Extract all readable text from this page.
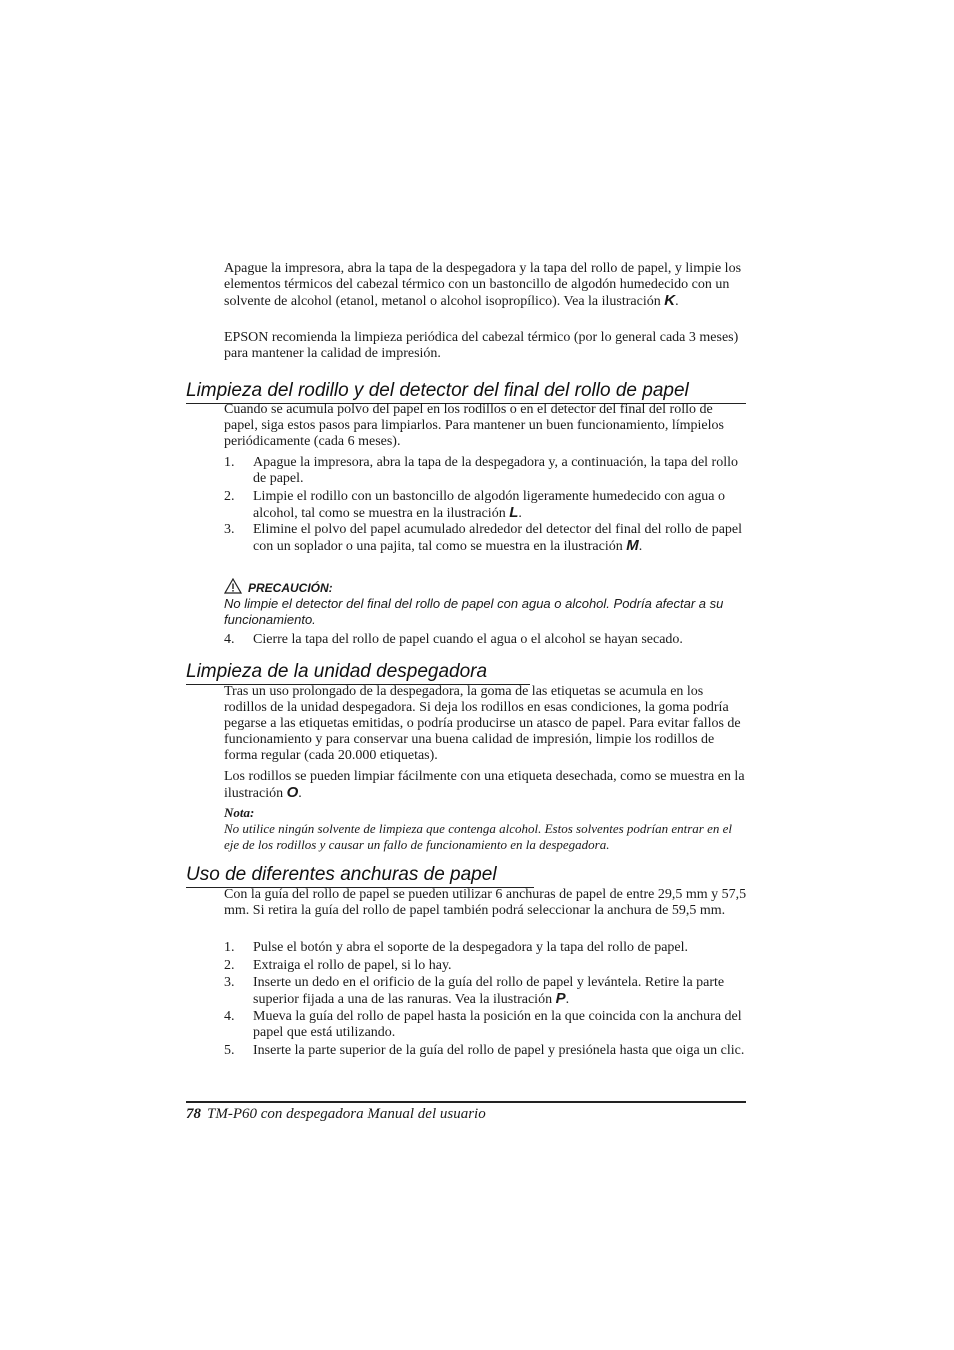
Apague la impresora, abra la tapa de la despegadora y la tapa del rollo de papel, y limpie los elementos térmicos del cabezal térmico con un bastoncillo de algodón humedecido con un solvente de alcohol (etanol, metanol o alcohol isopropílico). Vea la ilustración K.

EPSON recomienda la limpieza periódica del cabezal térmico (por lo general cada 3 meses) para mantener la calidad de impresión.

Limpieza del rodillo y del detector del final del rollo de papel

Cuando se acumula polvo del papel en los rodillos o en el detector del final del rollo de papel, siga estos pasos para limpiarlos. Para mantener un buen funcionamiento, límpielos periódicamente (cada 6 meses).

1.	Apague la impresora, abra la tapa de la despegadora y, a continuación, la tapa del rollo de papel.
2.	Limpie el rodillo con un bastoncillo de algodón ligeramente humedecido con agua o alcohol, tal como se muestra en la ilustración L.
3.	Elimine el polvo del papel acumulado alrededor del detector del final del rollo de papel con un soplador o una pajita, tal como se muestra en la ilustración M.
PRECAUCIÓN:
No limpie el detector del final del rollo de papel con agua o alcohol. Podría afectar a su funcionamiento.
4.	Cierre la tapa del rollo de papel cuando el agua o el alcohol se hayan secado.
Limpieza de la unidad despegadora

Tras un uso prolongado de la despegadora, la goma de las etiquetas se acumula en los rodillos de la unidad despegadora. Si deja los rodillos en esas condiciones, la goma podría pegarse a las etiquetas emitidas, o podría producirse un atasco de papel. Para evitar fallos de funcionamiento y para conservar una buena calidad de impresión, limpie los rodillos de forma regular (cada 20.000 etiquetas).

Los rodillos se pueden limpiar fácilmente con una etiqueta desechada, como se muestra en la ilustración O.

Nota:
No utilice ningún solvente de limpieza que contenga alcohol. Estos solventes podrían entrar en el eje de los rodillos y causar un fallo de funcionamiento en la despegadora.
Uso de diferentes anchuras de papel

Con la guía del rollo de papel se pueden utilizar 6 anchuras de papel de entre 29,5 mm y 57,5 mm. Si retira la guía del rollo de papel también podrá seleccionar la anchura de 59,5 mm.

1.	Pulse el botón y abra el soporte de la despegadora y la tapa del rollo de papel.
2.	Extraiga el rollo de papel, si lo hay.
3.	Inserte un dedo en el orificio de la guía del rollo de papel y levántela. Retire la parte superior fijada a una de las ranuras. Vea la ilustración P.
4.	Mueva la guía del rollo de papel hasta la posición en la que coincida con la anchura del papel que está utilizando.
5.	Inserte la parte superior de la guía del rollo de papel y presiónela hasta que oiga un clic.
78 TM-P60 con despegadora Manual del usuario
